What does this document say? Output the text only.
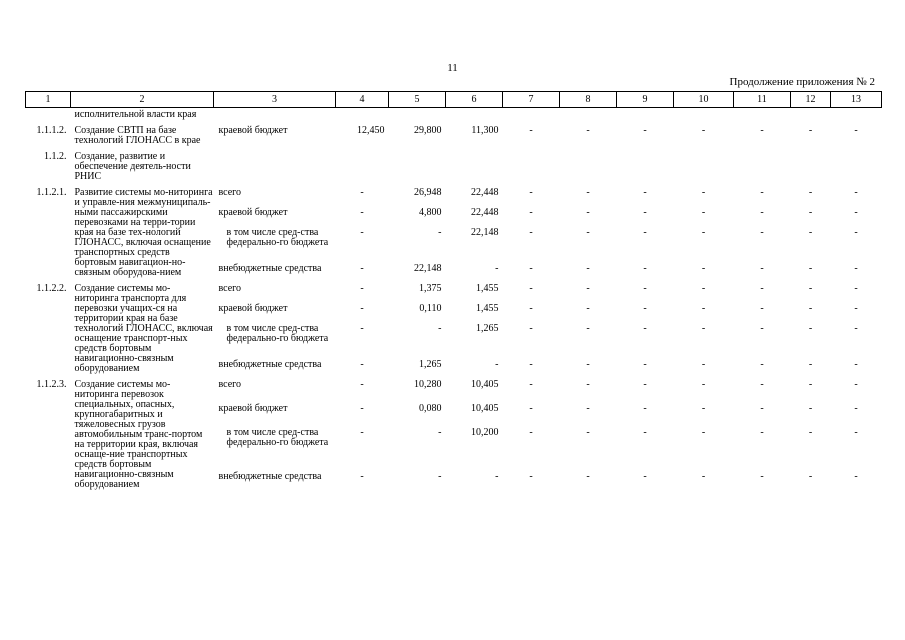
11
Продолжение приложения № 2
1	2	3	4	5	6	7	8	9	10	11	12	13
	исполнительной власти края											
1.1.1.2.	Создание СВТП на базе технологий ГЛОНАСС в крае	краевой бюджет	12,450	29,800	11,300	-	-	-	-	-	-	-
1.1.2.	Создание, развитие и обеспечение деятель-ности РНИС											
1.1.2.1.	Развитие системы мо-ниторинга и управле-ния межмуниципаль-ными пассажирскими перевозками на терри-тории края на базе тех-нологий ГЛОНАСС, включая оснащение транспортных средств бортовым навигацион-но-связным оборудова-нием	всего	-	26,948	22,448	-	-	-	-	-	-	-
		краевой бюджет	-	4,800	22,448	-	-	-	-	-	-	-
		в том числе сред-ства федерально-го бюджета	-	-	22,148	-	-	-	-	-	-	-
		внебюджетные средства	-	22,148	-	-	-	-	-	-	-	-
1.1.2.2.	Создание системы мо-ниторинга транспорта для перевозки учащих-ся на территории края на базе технологий ГЛОНАСС, включая оснащение транспорт-ных средств бортовым навигационно-связным оборудованием	всего	-	1,375	1,455	-	-	-	-	-	-	-
		краевой бюджет	-	0,110	1,455	-	-	-	-	-	-	-
		в том числе сред-ства федерально-го бюджета	-	-	1,265	-	-	-	-	-	-	-
		внебюджетные средства	-	1,265	-	-	-	-	-	-	-	-
1.1.2.3.	Создание системы мо-ниторинга перевозок специальных, опасных, крупногабаритных и тяжеловесных грузов автомобильным транс-портом на территории края, включая оснаще-ние транспортных средств бортовым навигационно-связным оборудованием	всего	-	10,280	10,405	-	-	-	-	-	-	-
		краевой бюджет	-	0,080	10,405	-	-	-	-	-	-	-
		в том числе сред-ства федерально-го бюджета	-	-	10,200	-	-	-	-	-	-	-
		внебюджетные средства	-	-	-	-	-	-	-	-	-	-
